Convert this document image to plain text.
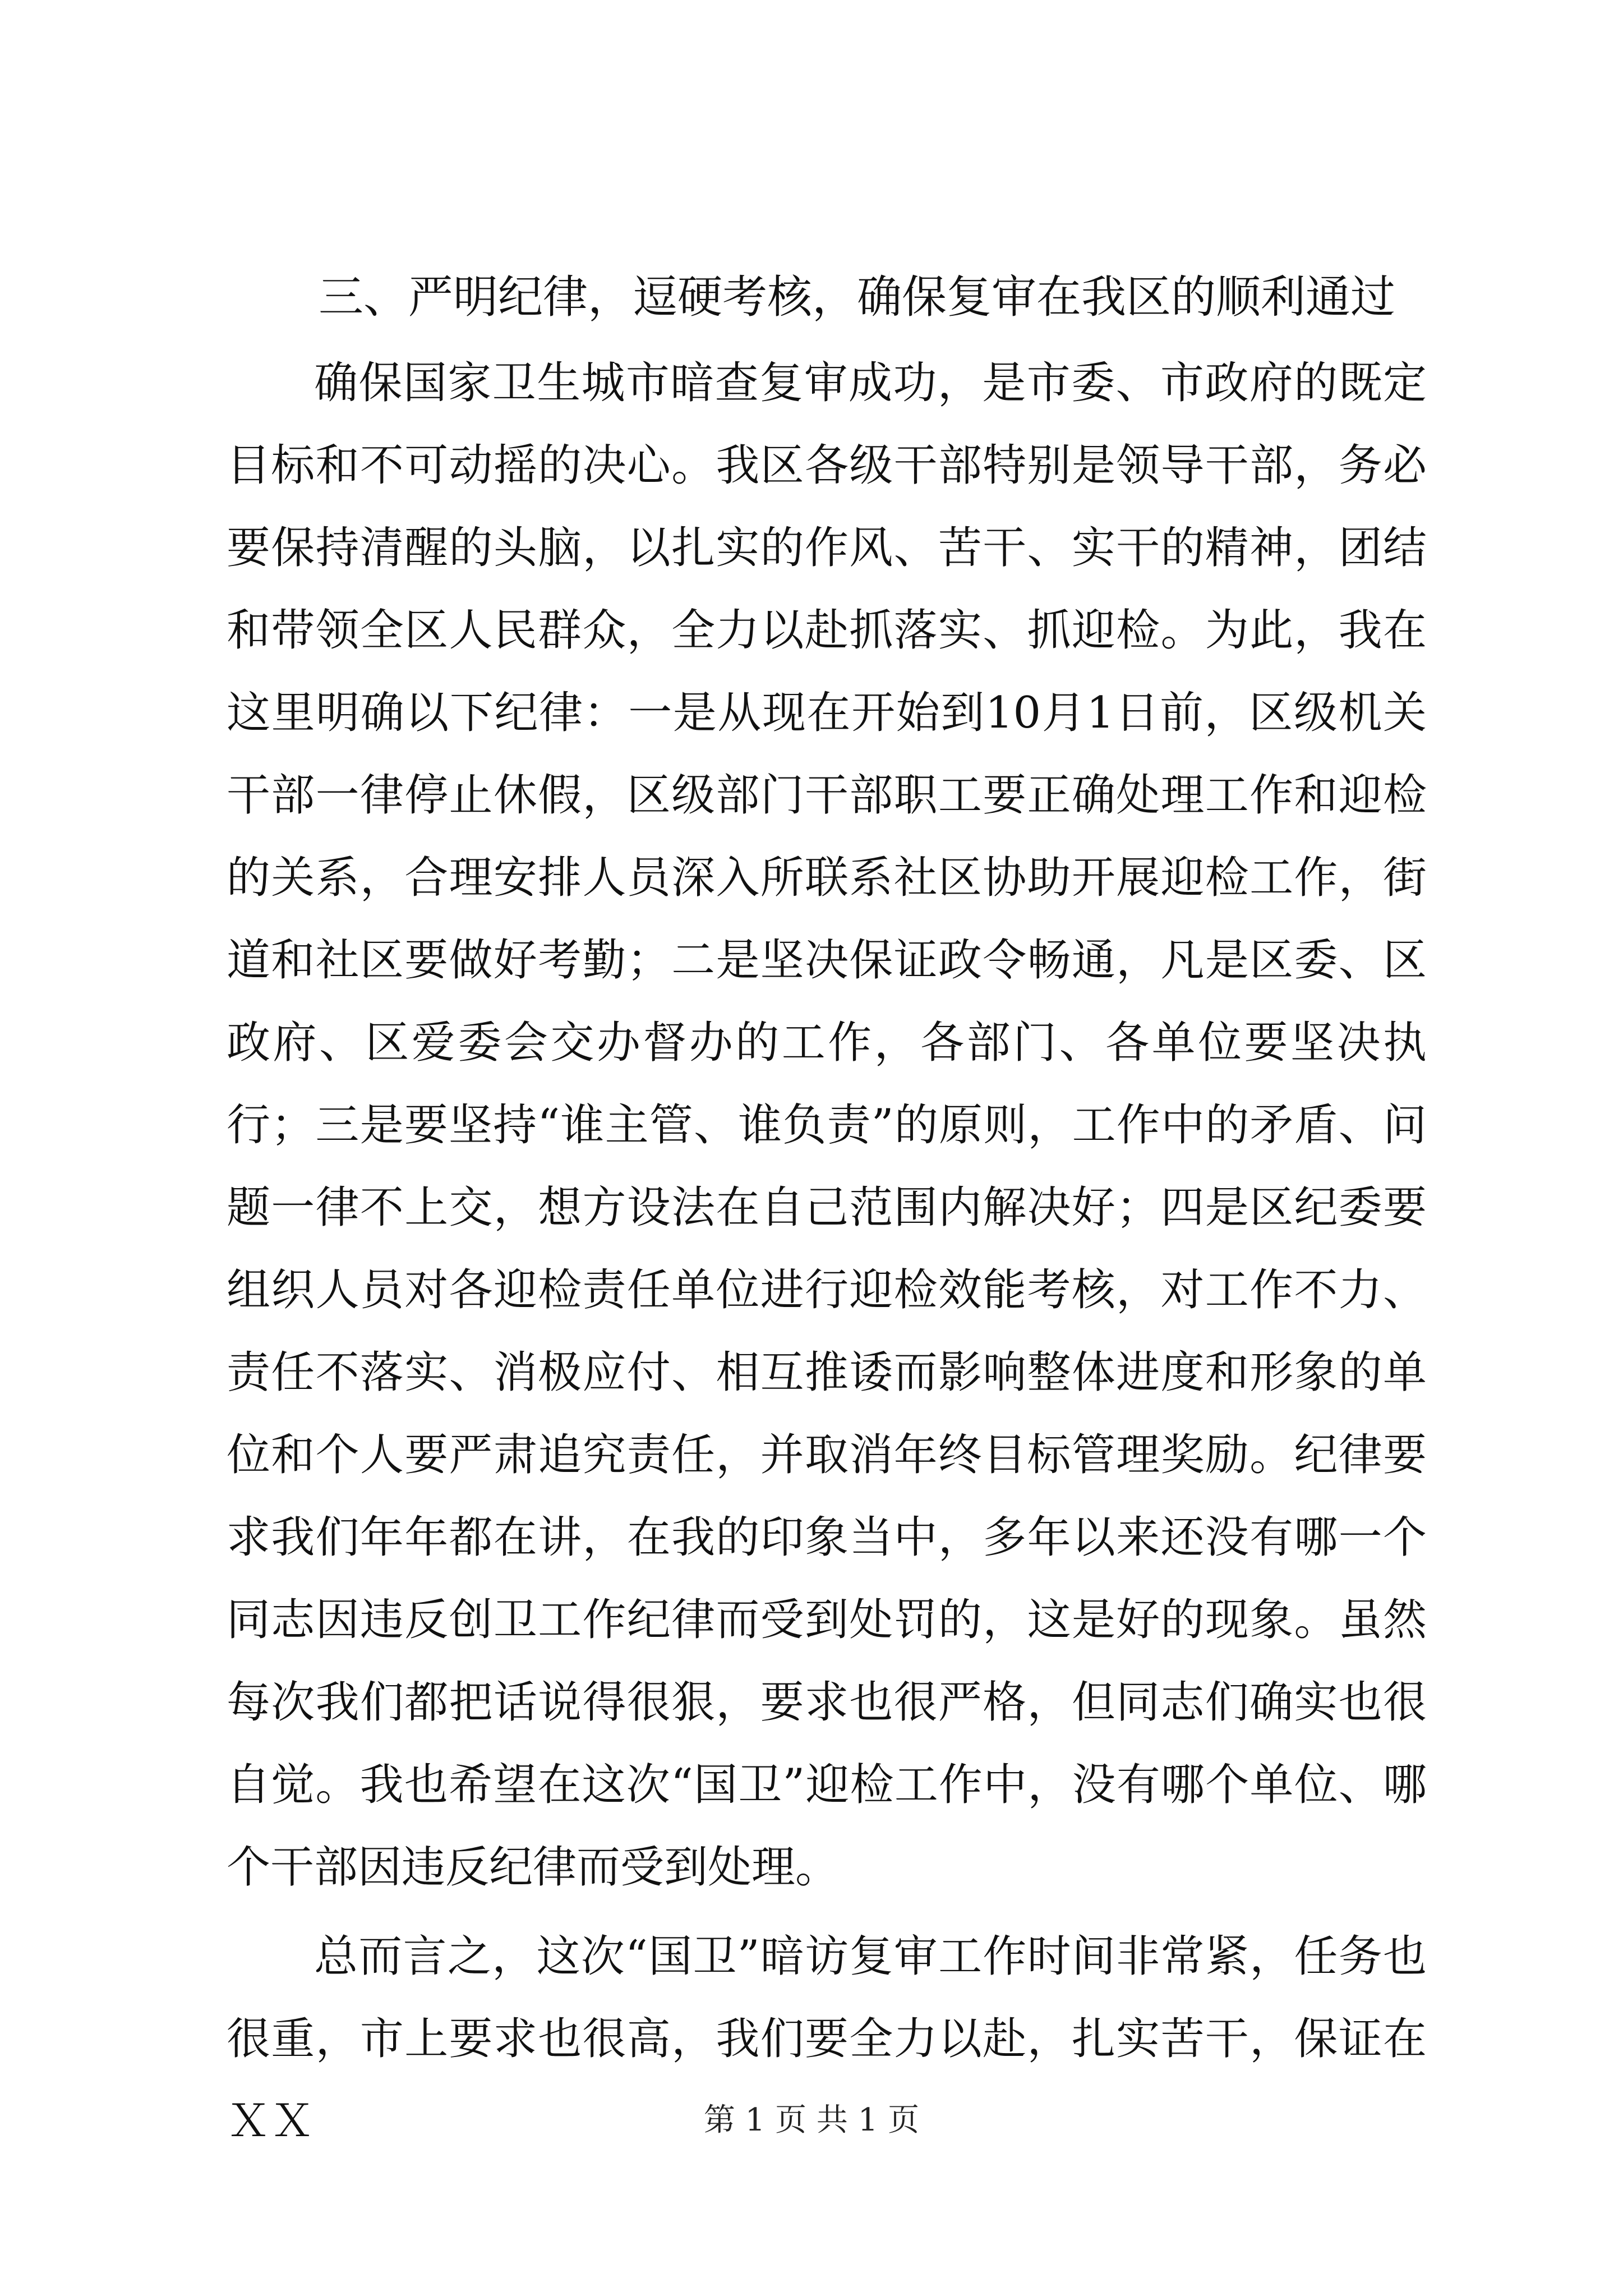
三、严明纪律，逗硬考核，确保复审在我区的顺利通过

确保国家卫生城市暗查复审成功，是市委、市政府的既定目标和不可动摇的决心。我区各级干部特别是领导干部，务必要保持清醒的头脑，以扎实的作风、苦干、实干的精神，团结和带领全区人民群众，全力以赴抓落实、抓迎检。为此，我在这里明确以下纪律：一是从现在开始到10月1日前，区级机关干部一律停止休假，区级部门干部职工要正确处理工作和迎检的关系，合理安排人员深入所联系社区协助开展迎检工作，街道和社区要做好考勤；二是坚决保证政令畅通，凡是区委、区政府、区爱委会交办督办的工作，各部门、各单位要坚决执行；三是要坚持“谁主管、谁负责”的原则，工作中的矛盾、问题一律不上交，想方设法在自己范围内解决好；四是区纪委要组织人员对各迎检责任单位进行迎检效能考核，对工作不力、责任不落实、消极应付、相互推诿而影响整体进度和形象的单位和个人要严肃追究责任，并取消年终目标管理奖励。纪律要求我们年年都在讲，在我的印象当中，多年以来还没有哪一个同志因违反创卫工作纪律而受到处罚的，这是好的现象。虽然每次我们都把话说得很狠，要求也很严格，但同志们确实也很自觉。我也希望在这次“国卫”迎检工作中，没有哪个单位、哪个干部因违反纪律而受到处理。

总而言之，这次“国卫”暗访复审工作时间非常紧，任务也很重，市上要求也很高，我们要全力以赴，扎实苦干，保证在ＸＸ	第 1 页 共 1 页
